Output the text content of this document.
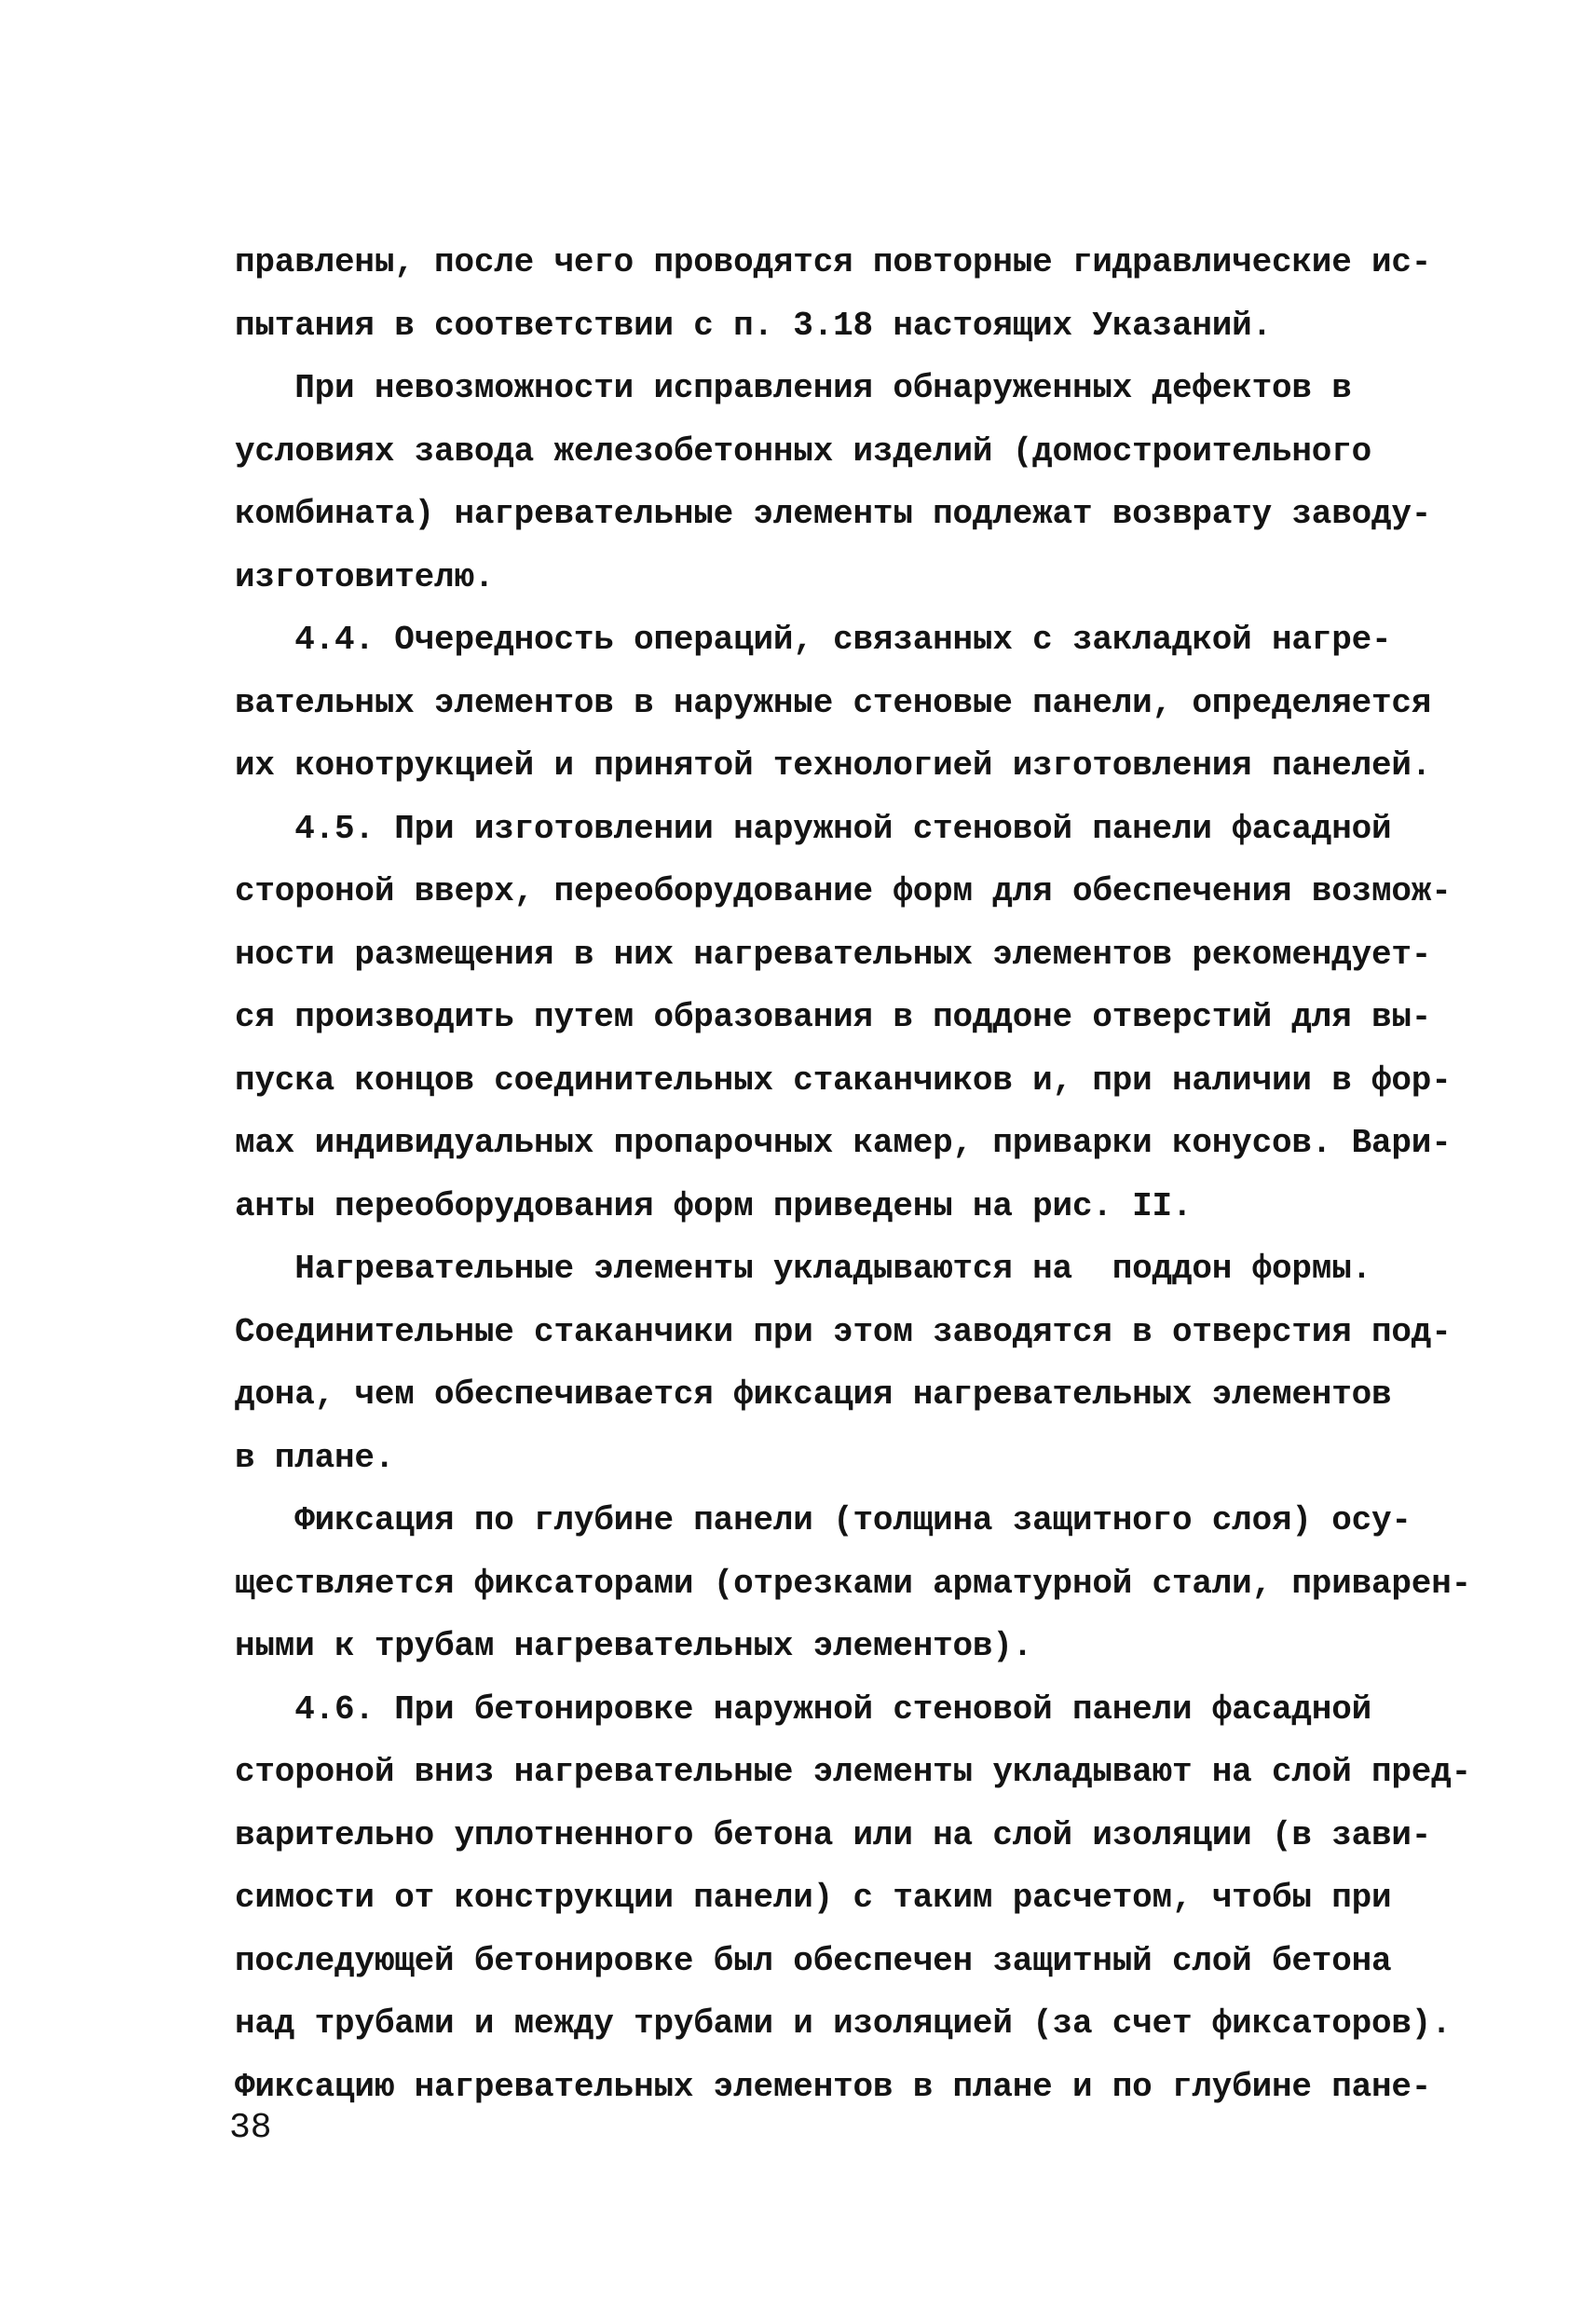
правлены, после чего проводятся повторные гидравлические ис-
пытания в соответствии с п. 3.18 настоящих Указаний.
При невозможности исправления обнаруженных дефектов в
условиях завода железобетонных изделий (домостроительного
комбината) нагревательные элементы подлежат возврату заводу-
изготовителю.
4.4. Очередность операций, связанных с закладкой нагре-
вательных элементов в наружные стеновые панели, определяется
их конотрукцией и принятой технологией изготовления панелей.
4.5. При изготовлении наружной стеновой панели фасадной
стороной вверх, переоборудование форм для обеспечения возмож-
ности размещения в них нагревательных элементов рекомендует-
ся производить путем образования в поддоне отверстий для вы-
пуска концов соединительных стаканчиков и, при наличии в фор-
мах индивидуальных пропарочных камер, приварки конусов. Вари-
анты переоборудования форм приведены на рис. II.
Нагревательные элементы укладываются на  поддон формы.
Соединительные стаканчики при этом заводятся в отверстия под-
дона, чем обеспечивается фиксация нагревательных элементов
в плане.
Фиксация по глубине панели (толщина защитного слоя) осу-
ществляется фиксаторами (отрезками арматурной стали, приварен-
ными к трубам нагревательных элементов).
4.6. При бетонировке наружной стеновой панели фасадной
стороной вниз нагревательные элементы укладывают на слой пред-
варительно уплотненного бетона или на слой изоляции (в зави-
симости от конструкции панели) с таким расчетом, чтобы при
последующей бетонировке был обеспечен защитный слой бетона
над трубами и между трубами и изоляцией (за счет фиксаторов).
Фиксацию нагревательных элементов в плане и по глубине пане-
38
